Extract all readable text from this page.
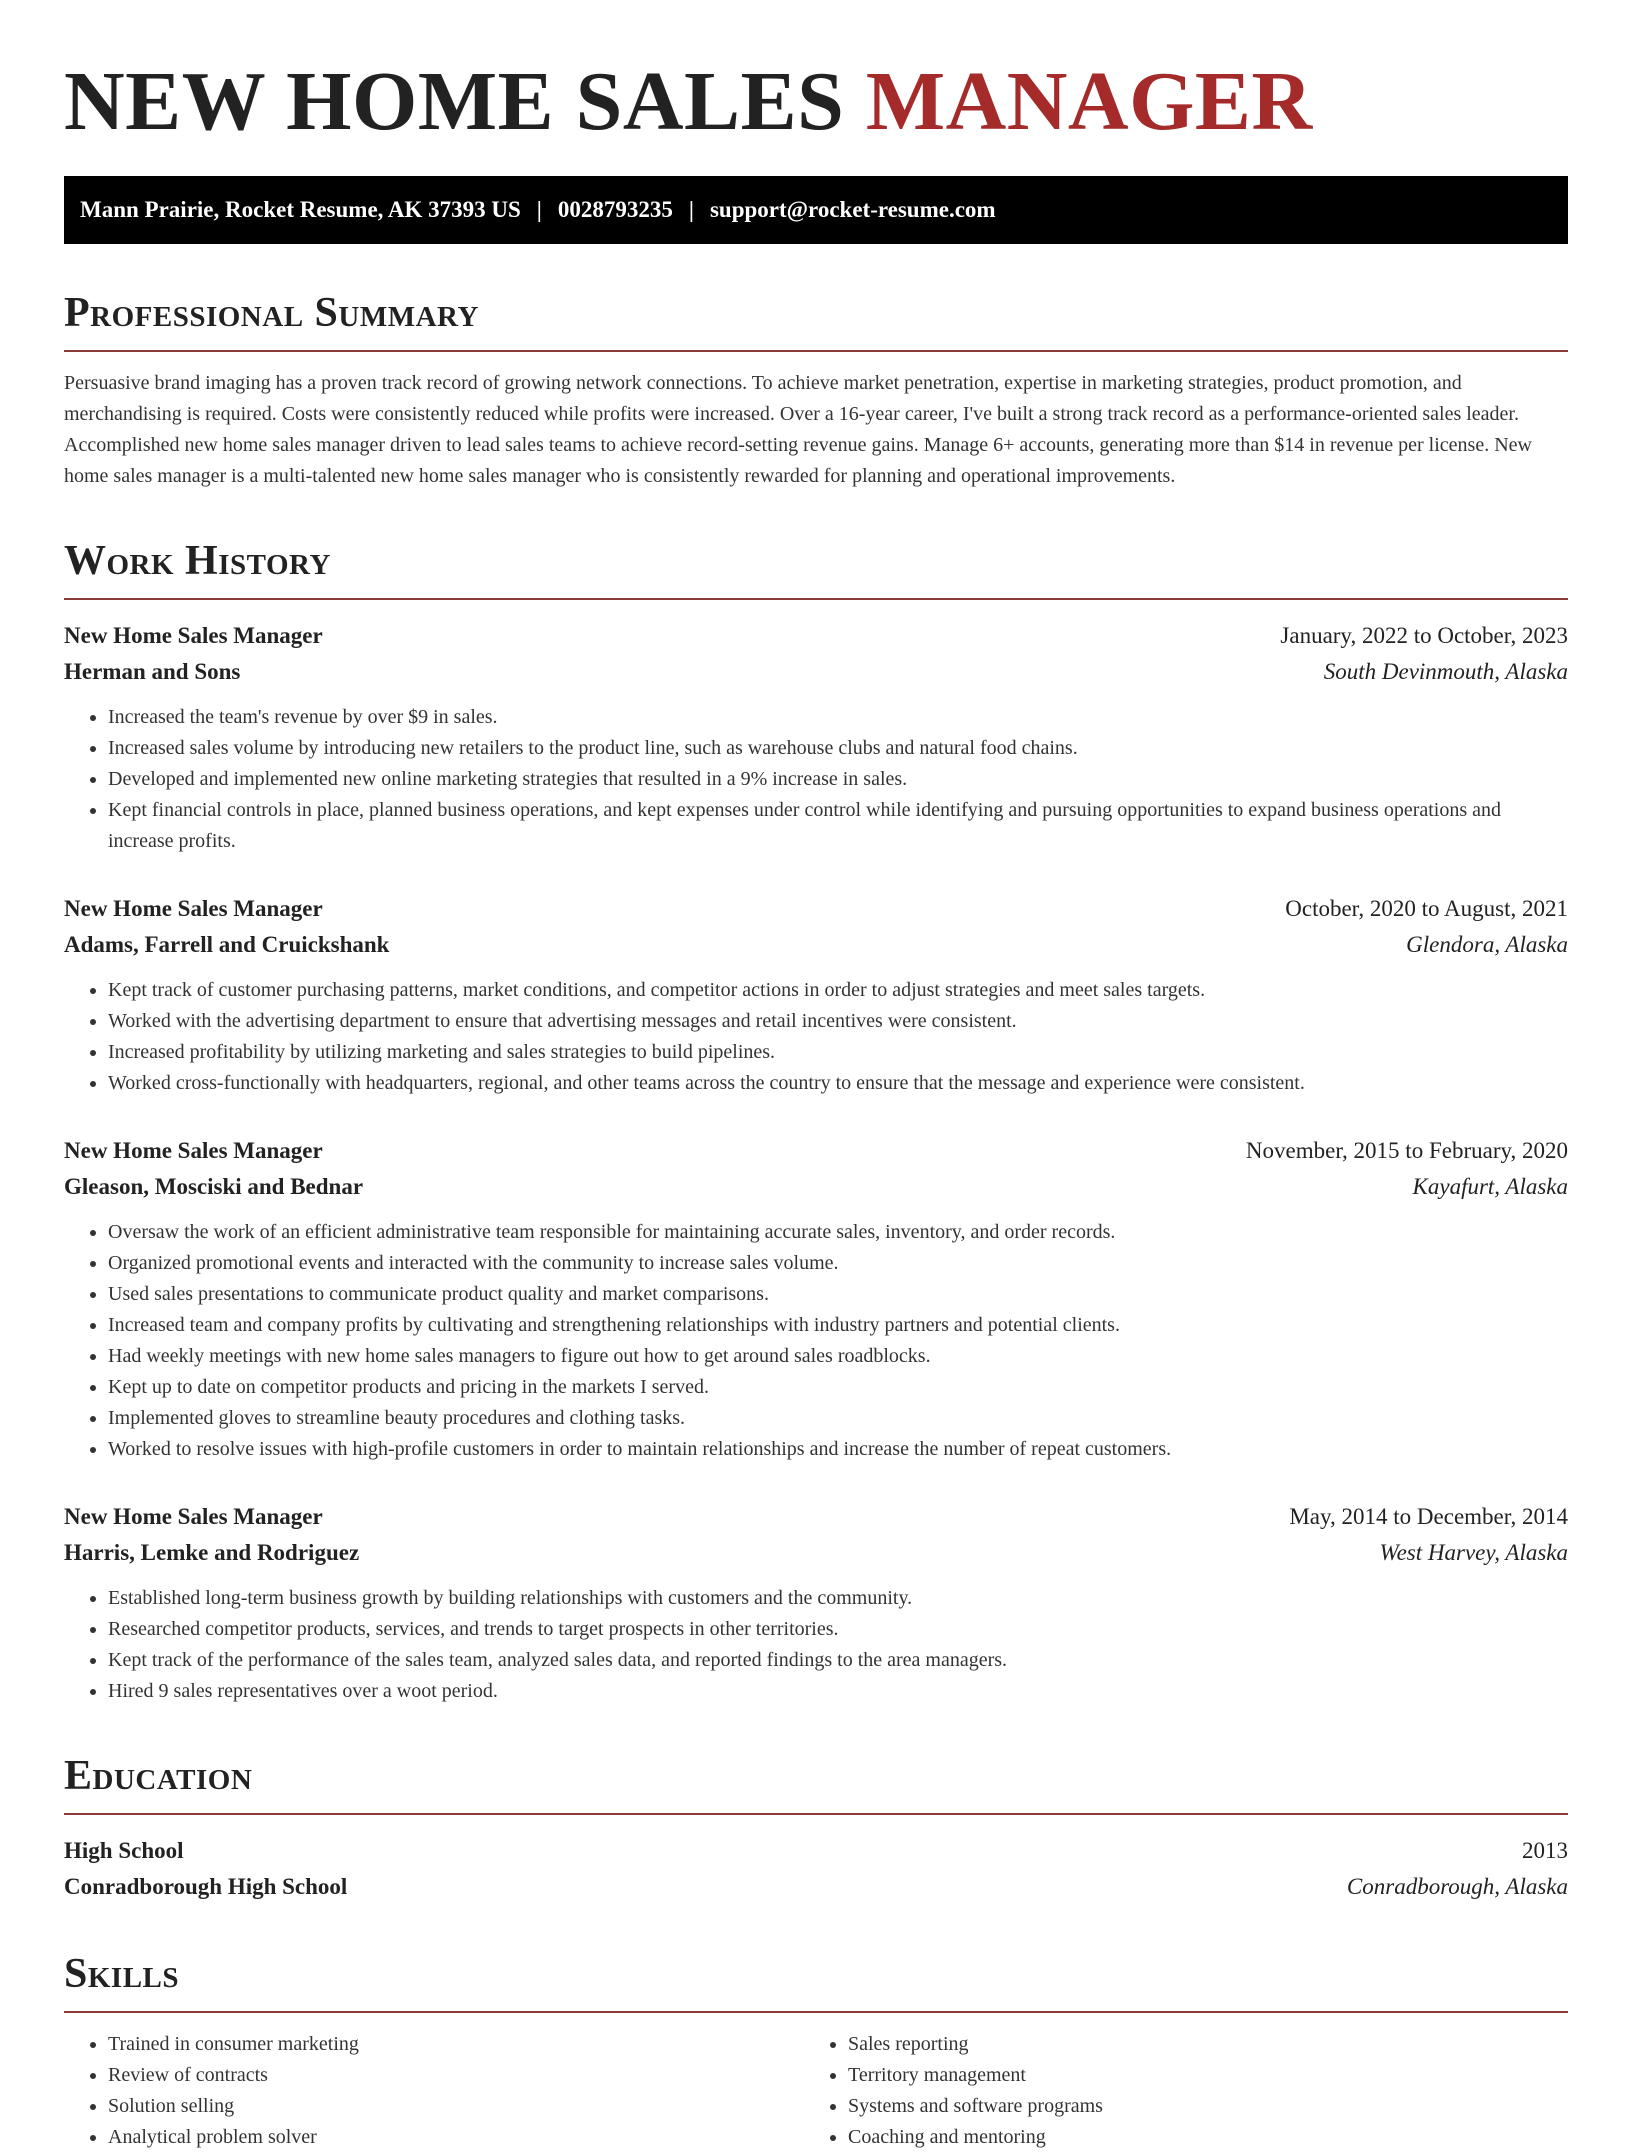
NEW HOME SALES MANAGER
Mann Prairie, Rocket Resume, AK 37393 US | 0028793235 | support@rocket-resume.com
Professional Summary

Persuasive brand imaging has a proven track record of growing network connections. To achieve market penetration, expertise in marketing strategies, product promotion, and merchandising is required. Costs were consistently reduced while profits were increased. Over a 16-year career, I've built a strong track record as a performance-oriented sales leader. Accomplished new home sales manager driven to lead sales teams to achieve record-setting revenue gains. Manage 6+ accounts, generating more than $14 in revenue per license. New home sales manager is a multi-talented new home sales manager who is consistently rewarded for planning and operational improvements.

Work History
New Home Sales Manager	January, 2022 to October, 2023
Herman and Sons	South Devinmouth, Alaska
• Increased the team's revenue by over $9 in sales.
• Increased sales volume by introducing new retailers to the product line, such as warehouse clubs and natural food chains.
• Developed and implemented new online marketing strategies that resulted in a 9% increase in sales.
• Kept financial controls in place, planned business operations, and kept expenses under control while identifying and pursuing opportunities to expand business operations and increase profits.
New Home Sales Manager	October, 2020 to August, 2021
Adams, Farrell and Cruickshank	Glendora, Alaska
• Kept track of customer purchasing patterns, market conditions, and competitor actions in order to adjust strategies and meet sales targets.
• Worked with the advertising department to ensure that advertising messages and retail incentives were consistent.
• Increased profitability by utilizing marketing and sales strategies to build pipelines.
• Worked cross-functionally with headquarters, regional, and other teams across the country to ensure that the message and experience were consistent.
New Home Sales Manager	November, 2015 to February, 2020
Gleason, Mosciski and Bednar	Kayafurt, Alaska
• Oversaw the work of an efficient administrative team responsible for maintaining accurate sales, inventory, and order records.
• Organized promotional events and interacted with the community to increase sales volume.
• Used sales presentations to communicate product quality and market comparisons.
• Increased team and company profits by cultivating and strengthening relationships with industry partners and potential clients.
• Had weekly meetings with new home sales managers to figure out how to get around sales roadblocks.
• Kept up to date on competitor products and pricing in the markets I served.
• Implemented gloves to streamline beauty procedures and clothing tasks.
• Worked to resolve issues with high-profile customers in order to maintain relationships and increase the number of repeat customers.
New Home Sales Manager	May, 2014 to December, 2014
Harris, Lemke and Rodriguez	West Harvey, Alaska
• Established long-term business growth by building relationships with customers and the community.
• Researched competitor products, services, and trends to target prospects in other territories.
• Kept track of the performance of the sales team, analyzed sales data, and reported findings to the area managers.
• Hired 9 sales representatives over a woot period.
Education
High School	2013
Conradborough High School	Conradborough, Alaska
Skills
• Trained in consumer marketing
• Review of contracts
• Solution selling
• Analytical problem solver
• Sales reporting
• Territory management
• Systems and software programs
• Coaching and mentoring
